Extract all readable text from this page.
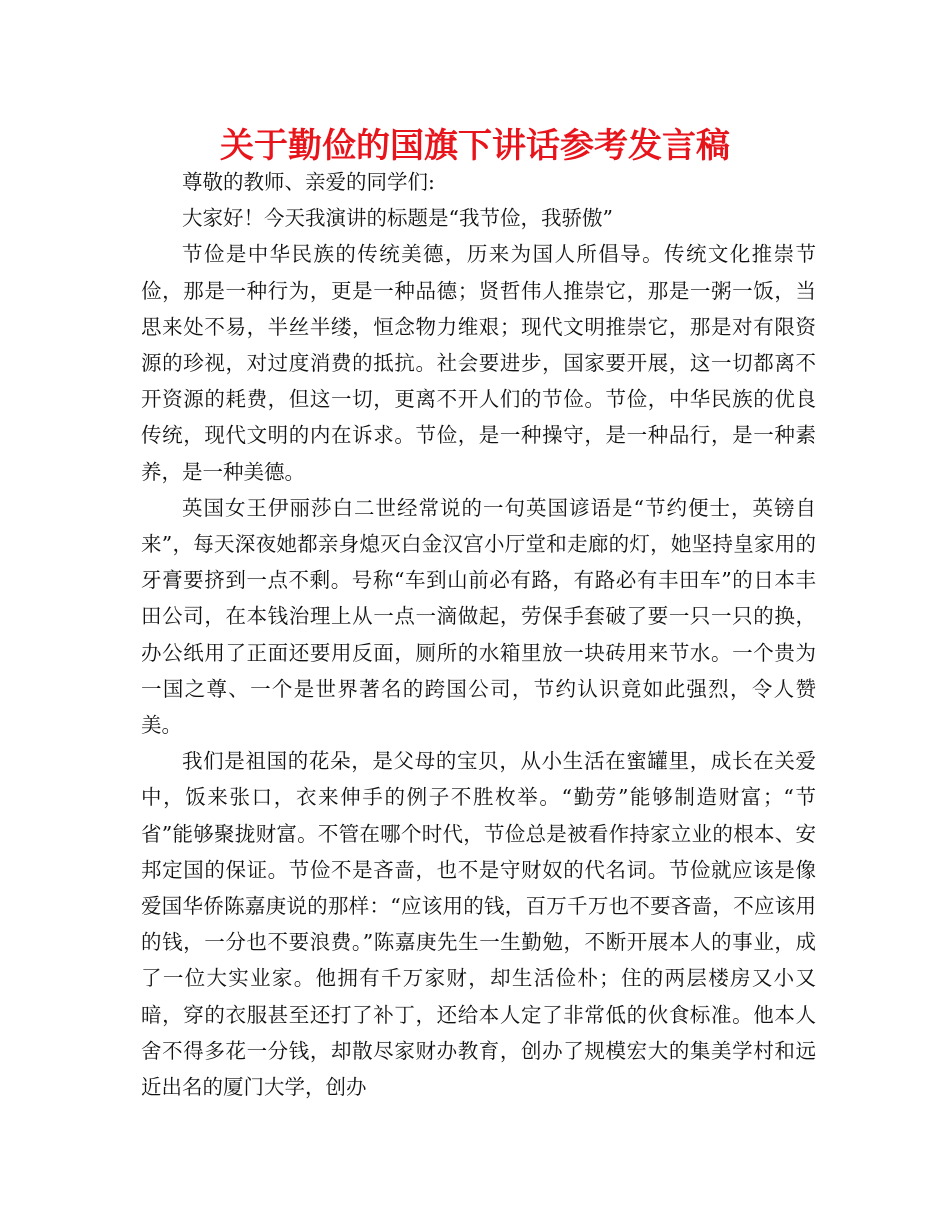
关于勤俭的国旗下讲话参考发言稿

尊敬的教师、亲爱的同学们:

大家好！今天我演讲的标题是“我节俭，我骄傲”

节俭是中华民族的传统美德，历来为国人所倡导。传统文化推崇节俭，那是一种行为，更是一种品德；贤哲伟人推崇它，那是一粥一饭，当思来处不易，半丝半缕，恒念物力维艰；现代文明推崇它，那是对有限资源的珍视，对过度消费的抵抗。社会要进步，国家要开展，这一切都离不开资源的耗费，但这一切，更离不开人们的节俭。节俭，中华民族的优良传统，现代文明的内在诉求。节俭，是一种操守，是一种品行，是一种素养，是一种美德。

英国女王伊丽莎白二世经常说的一句英国谚语是“节约便士，英镑自来”，每天深夜她都亲身熄灭白金汉宫小厅堂和走廊的灯，她坚持皇家用的牙膏要挤到一点不剩。号称“车到山前必有路，有路必有丰田车”的日本丰田公司，在本钱治理上从一点一滴做起，劳保手套破了要一只一只的换，办公纸用了正面还要用反面，厕所的水箱里放一块砖用来节水。一个贵为一国之尊、一个是世界著名的跨国公司，节约认识竟如此强烈，令人赞美。

我们是祖国的花朵，是父母的宝贝，从小生活在蜜罐里，成长在关爱中，饭来张口，衣来伸手的例子不胜枚举。“勤劳”能够制造财富；“节省”能够聚拢财富。不管在哪个时代，节俭总是被看作持家立业的根本、安邦定国的保证。节俭不是吝啬，也不是守财奴的代名词。节俭就应该是像爱国华侨陈嘉庚说的那样：“应该用的钱，百万千万也不要吝啬，不应该用的钱，一分也不要浪费。”陈嘉庚先生一生勤勉，不断开展本人的事业，成了一位大实业家。他拥有千万家财，却生活俭朴；住的两层楼房又小又暗，穿的衣服甚至还打了补丁，还给本人定了非常低的伙食标准。他本人舍不得多花一分钱，却散尽家财办教育，创办了规模宏大的集美学村和远近出名的厦门大学，创办
